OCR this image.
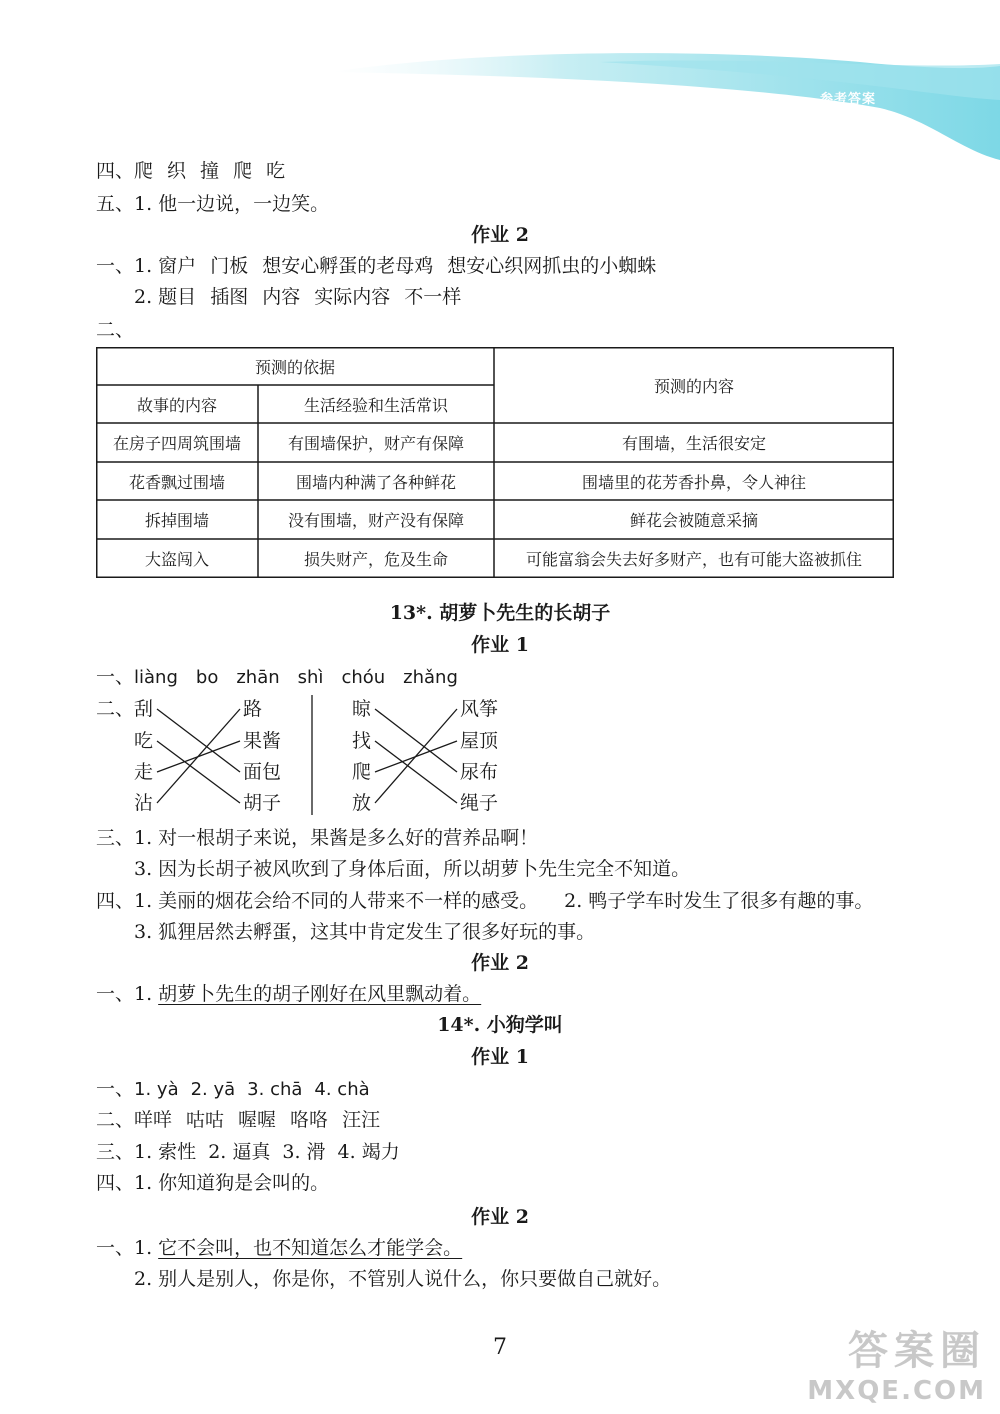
参考答案
四、爬 织 撞 爬 吃
五、1. 他一边说，一边笑。
作业 2
一、1. 窗户 门板 想安心孵蛋的老母鸡 想安心织网抓虫的小蜘蛛
2. 题目 插图 内容 实际内容 不一样
二、
预测的依据
预测的内容
故事的内容	生活经验和生活常识
在房子四周筑围墙	有围墙保护，财产有保障	有围墙，生活很安定
花香飘过围墙	围墙内种满了各种鲜花	围墙里的花芳香扑鼻，令人神往
拆掉围墙	没有围墙，财产没有保障	鲜花会被随意采摘
大盗闯入	损失财产，危及生命	可能富翁会失去好多财产，也有可能大盗被抓住
13*. 胡萝卜先生的长胡子
作业 1
一、liàng bo zhān shì chóu zhǎng
二、 刮
吃
走
沾
路
果酱
面包
胡子
晾
找
爬
放
风筝
屋顶
尿布
绳子
三、1. 对一根胡子来说，果酱是多么好的营养品啊！
3. 因为长胡子被风吹到了身体后面，所以胡萝卜先生完全不知道。
四、1. 美丽的烟花会给不同的人带来不一样的感受。 2. 鸭子学车时发生了很多有趣的事。
3. 狐狸居然去孵蛋，这其中肯定发生了很多好玩的事。
作业 2
一、1. 胡萝卜先生的胡子刚好在风里飘动着。
14*. 小狗学叫
作业 1
一、1. yà 2. yā 3. chā 4. chà
二、咩咩 咕咕 喔喔 咯咯 汪汪
三、1. 索性 2. 逼真 3. 滑 4. 竭力
四、1. 你知道狗是会叫的。
作业 2
一、1. 它不会叫，也不知道怎么才能学会。
2. 别人是别人，你是你，不管别人说什么，你只要做自己就好。
7	答案圈
MXQE.COM
